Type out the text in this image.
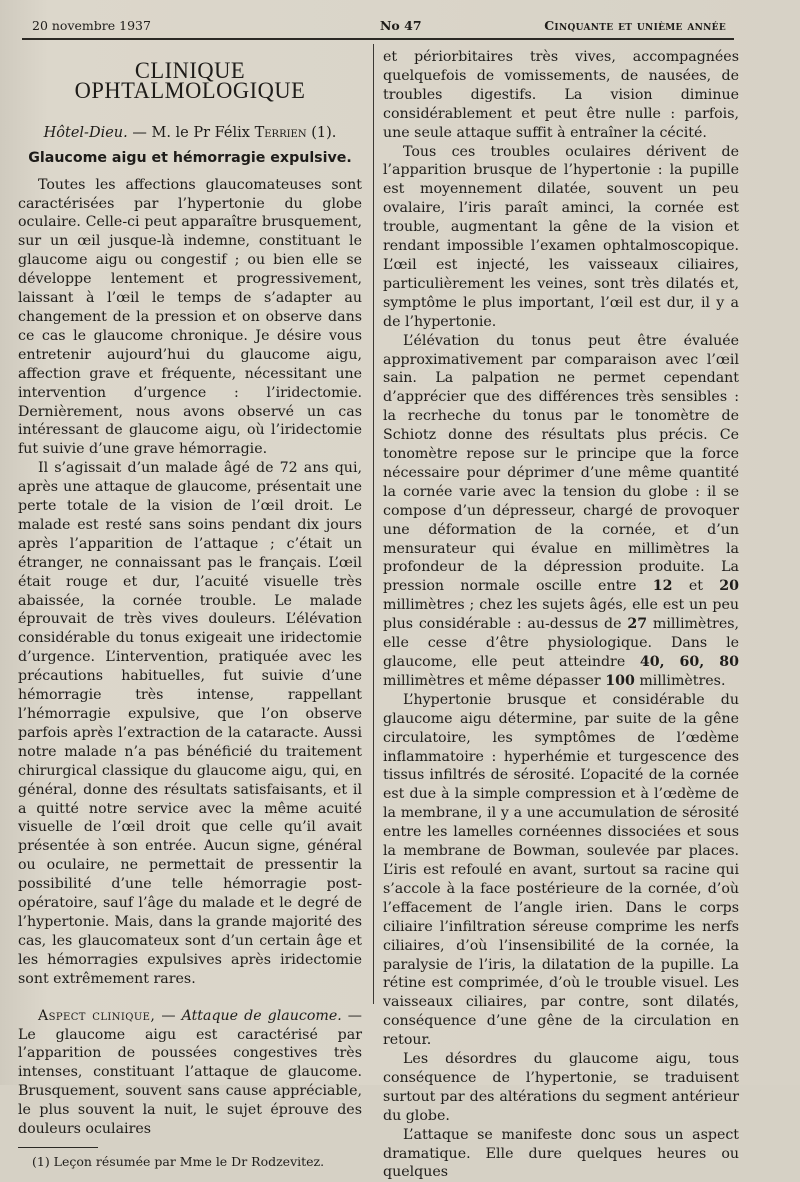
20 novembre 1937	No 47	Cinquante et unième année
CLINIQUE OPHTALMOLOGIQUE
Hôtel-Dieu. — M. le Pr Félix Terrien (1).
Glaucome aigu et hémorragie expulsive.

Toutes les affections glaucomateuses sont caractérisées par l’hypertonie du globe oculaire. Celle-ci peut apparaître brusquement, sur un œil jusque-là indemne, constituant le glaucome aigu ou congestif ; ou bien elle se développe lentement et progressivement, laissant à l’œil le temps de s’adapter au changement de la pression et on observe dans ce cas le glaucome chronique. Je désire vous entretenir aujourd’hui du glaucome aigu, affection grave et fréquente, nécessitant une intervention d’urgence : l’iridectomie. Dernièrement, nous avons observé un cas intéressant de glaucome aigu, où l’iridectomie fut suivie d’une grave hémorragie.

Il s’agissait d’un malade âgé de 72 ans qui, après une attaque de glaucome, présentait une perte totale de la vision de l’œil droit. Le malade est resté sans soins pendant dix jours après l’apparition de l’attaque ; c’était un étranger, ne connaissant pas le français. L’œil était rouge et dur, l’acuité visuelle très abaissée, la cornée trouble. Le malade éprouvait de très vives douleurs. L’élévation considérable du tonus exigeait une iridectomie d’urgence. L’intervention, pratiquée avec les précautions habituelles, fut suivie d’une hémorragie très intense, rappellant l’hémorragie expulsive, que l’on observe parfois après l’extraction de la cataracte. Aussi notre malade n’a pas bénéficié du traitement chirurgical classique du glaucome aigu, qui, en général, donne des résultats satisfaisants, et il a quitté notre service avec la même acuité visuelle de l’œil droit que celle qu’il avait présentée à son entrée. Aucun signe, général ou oculaire, ne permettait de pressentir la possibilité d’une telle hémorragie post-opératoire, sauf l’âge du malade et le degré de l’hypertonie. Mais, dans la grande majorité des cas, les glaucomateux sont d’un certain âge et les hémorragies expulsives après iridectomie sont extrêmement rares.

Aspect clinique, — Attaque de glaucome. — Le glaucome aigu est caractérisé par l’apparition de poussées congestives très intenses, constituant l’attaque de glaucome. Brusquement, souvent sans cause appréciable, le plus souvent la nuit, le sujet éprouve des douleurs oculaires

(1) Leçon résumée par Mme le Dr Rodzevitez.

et périorbitaires très vives, accompagnées quelquefois de vomissements, de nausées, de troubles digestifs. La vision diminue considérablement et peut être nulle : parfois, une seule attaque suffit à entraîner la cécité.

Tous ces troubles oculaires dérivent de l’apparition brusque de l’hypertonie : la pupille est moyennement dilatée, souvent un peu ovalaire, l’iris paraît aminci, la cornée est trouble, augmentant la gêne de la vision et rendant impossible l’examen ophtalmoscopique. L’œil est injecté, les vaisseaux ciliaires, particulièrement les veines, sont très dilatés et, symptôme le plus important, l’œil est dur, il y a de l’hypertonie.

L’élévation du tonus peut être évaluée approximativement par comparaison avec l’œil sain. La palpation ne permet cependant d’apprécier que des différences très sensibles : la recrheche du tonus par le tonomètre de Schiotz donne des résultats plus précis. Ce tonomètre repose sur le principe que la force nécessaire pour déprimer d’une même quantité la cornée varie avec la tension du globe : il se compose d’un dépresseur, chargé de provoquer une déformation de la cornée, et d’un mensurateur qui évalue en millimètres la profondeur de la dépression produite. La pression normale oscille entre 12 et 20 millimètres ; chez les sujets âgés, elle est un peu plus considérable : au-dessus de 27 millimètres, elle cesse d’être physiologique. Dans le glaucome, elle peut atteindre 40, 60, 80 millimètres et même dépasser 100 millimètres.

L’hypertonie brusque et considérable du glaucome aigu détermine, par suite de la gêne circulatoire, les symptômes de l’œdème inflammatoire : hyperhémie et turgescence des tissus infiltrés de sérosité. L’opacité de la cornée est due à la simple compression et à l’œdème de la membrane, il y a une accumulation de sérosité entre les lamelles cornéennes dissociées et sous la membrane de Bowman, soulevée par places. L’iris est refoulé en avant, surtout sa racine qui s’accole à la face postérieure de la cornée, d’où l’effacement de l’angle irien. Dans le corps ciliaire l’infiltration séreuse comprime les nerfs ciliaires, d’où l’insensibilité de la cornée, la paralysie de l’iris, la dilatation de la pupille. La rétine est comprimée, d’où le trouble visuel. Les vaisseaux ciliaires, par contre, sont dilatés, conséquence d’une gêne de la circulation en retour.

Les désordres du glaucome aigu, tous conséquence de l’hypertonie, se traduisent surtout par des altérations du segment antérieur du globe.

L’attaque se manifeste donc sous un aspect dramatique. Elle dure quelques heures ou quelques
